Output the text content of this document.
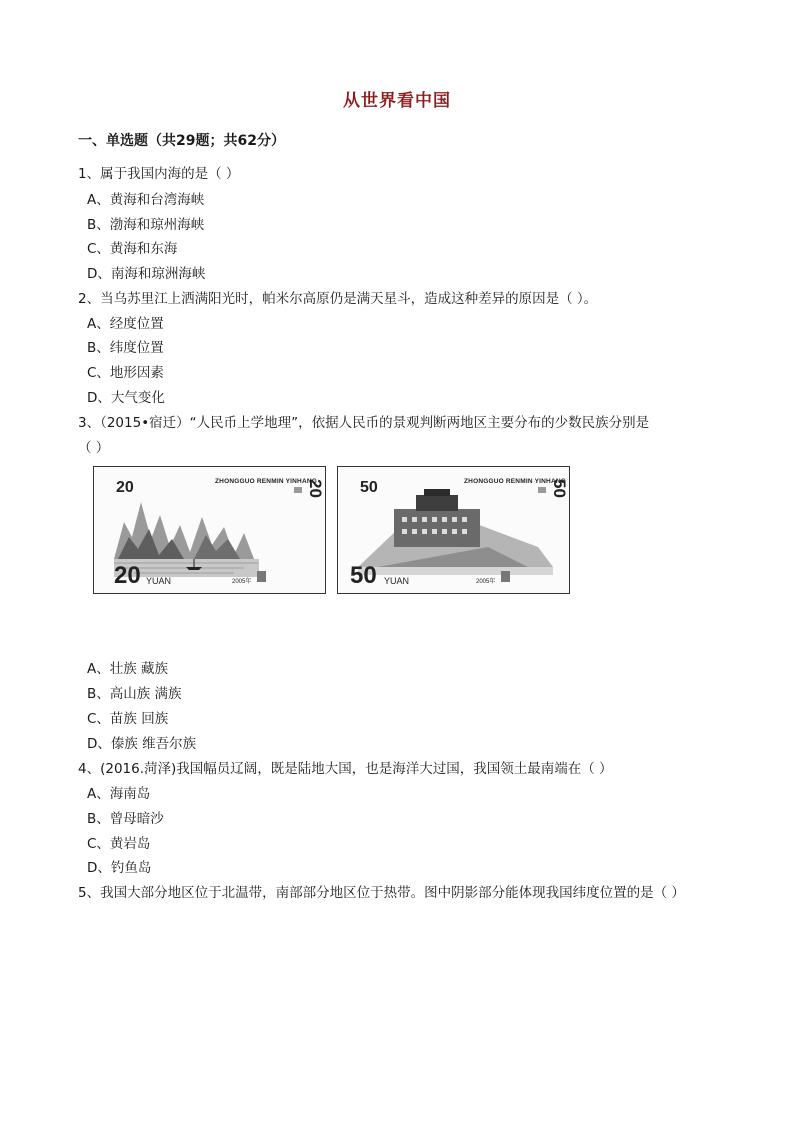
从世界看中国
一、单选题（共29题；共62分）
1、属于我国内海的是（ ）
A、黄海和台湾海峡
B、渤海和琼州海峡
C、黄海和东海
D、南海和琼洲海峡
2、当乌苏里江上洒满阳光时，帕米尔高原仍是满天星斗，造成这种差异的原因是（ ）。
A、经度位置
B、纬度位置
C、地形因素
D、大气变化
3、（2015•宿迁）“人民币上学地理”，依据人民币的景观判断两地区主要分布的少数民族分别是
（ ）
20	ZHONGGUO RENMIN YINHANG
20 YUAN	2005年
20 50	ZHONGGUO RENMIN YINHANG
50 YUAN	2005年
50
A、壮族 藏族
B、高山族 满族
C、苗族 回族
D、傣族 维吾尔族
4、(2016.菏泽)我国幅员辽阔，既是陆地大国，也是海洋大过国，我国领土最南端在（ ）
A、海南岛
B、曾母暗沙
C、黄岩岛
D、钓鱼岛
5、我国大部分地区位于北温带，南部部分地区位于热带。图中阴影部分能体现我国纬度位置的是（ ）
